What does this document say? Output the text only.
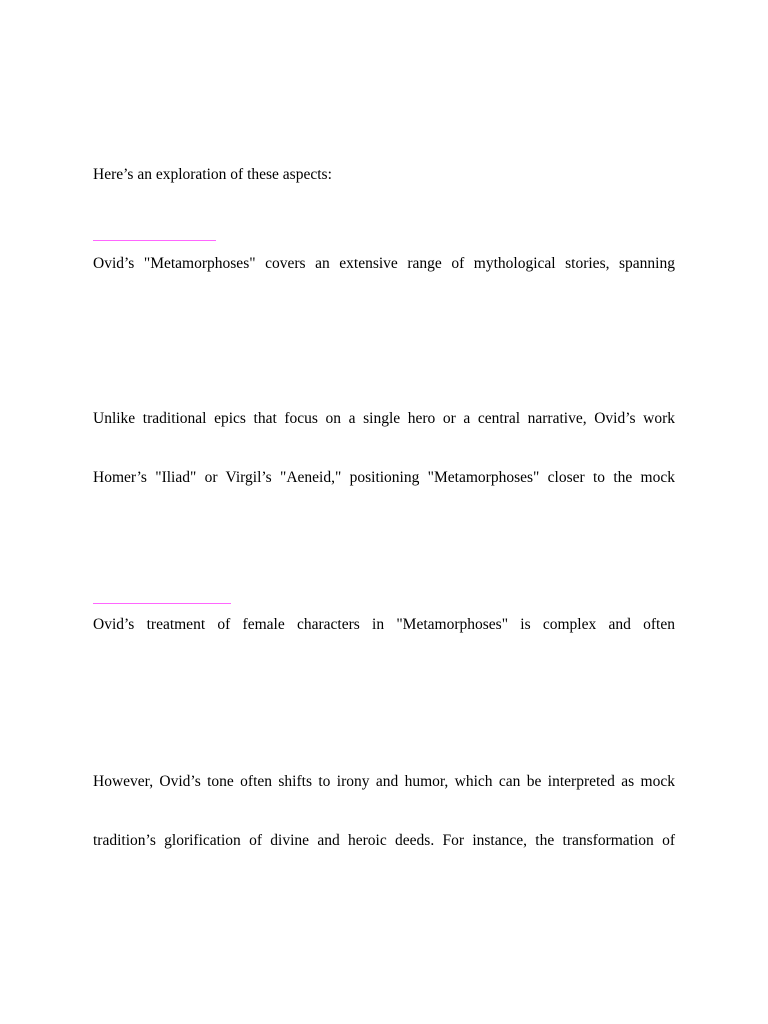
Here’s an exploration of these aspects:
Ovid’s "Metamorphoses" covers an extensive range of mythological stories, spanning
Unlike traditional epics that focus on a single hero or a central narrative, Ovid’s work
Homer’s "Iliad" or Virgil’s "Aeneid," positioning "Metamorphoses" closer to the mock
Ovid’s treatment of female characters in "Metamorphoses" is complex and often
However, Ovid’s tone often shifts to irony and humor, which can be interpreted as mock
tradition’s glorification of divine and heroic deeds. For instance, the transformation of
